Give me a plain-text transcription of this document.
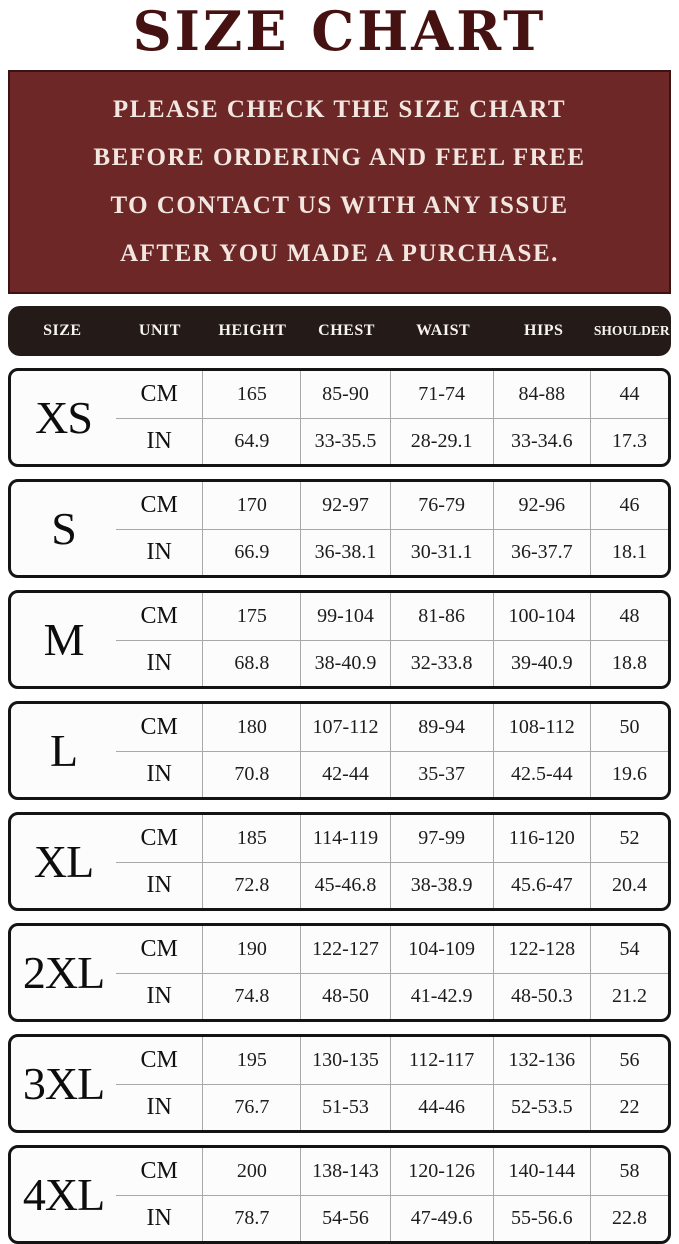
SIZE CHART

PLEASE CHECK THE SIZE CHART

BEFORE ORDERING AND FEEL FREE

TO CONTACT US WITH ANY ISSUE

AFTER YOU MADE A PURCHASE.

SIZE	UNIT	HEIGHT	CHEST	WAIST	HIPS	SHOULDER
XS	CM	165	85-90	71-74	84-88	44
IN	64.9	33-35.5	28-29.1	33-34.6	17.3
S	CM	170	92-97	76-79	92-96	46
IN	66.9	36-38.1	30-31.1	36-37.7	18.1
M	CM	175	99-104	81-86	100-104	48
IN	68.8	38-40.9	32-33.8	39-40.9	18.8
L	CM	180	107-112	89-94	108-112	50
IN	70.8	42-44	35-37	42.5-44	19.6
XL	CM	185	114-119	97-99	116-120	52
IN	72.8	45-46.8	38-38.9	45.6-47	20.4
2XL	CM	190	122-127	104-109	122-128	54
IN	74.8	48-50	41-42.9	48-50.3	21.2
3XL	CM	195	130-135	112-117	132-136	56
IN	76.7	51-53	44-46	52-53.5	22
4XL	CM	200	138-143	120-126	140-144	58
IN	78.7	54-56	47-49.6	55-56.6	22.8
